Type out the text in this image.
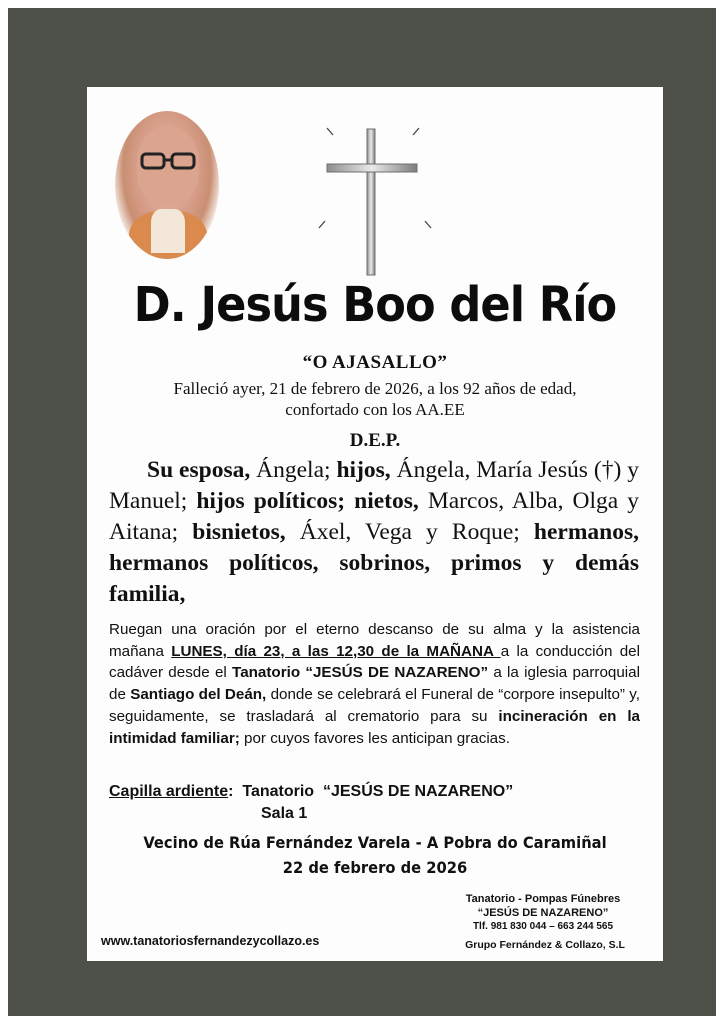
D. Jesús Boo del Río
“O AJASALLO”
Falleció ayer, 21 de febrero de 2026, a los 92 años de edad,
confortado con los AA.EE
D.E.P.
Su esposa, Ángela; hijos, Ángela, María Jesús (†) y Manuel; hijos políticos; nietos, Marcos, Alba, Olga y Aitana; bisnietos, Áxel, Vega y Roque; hermanos, hermanos políticos, sobrinos, primos y demás familia,
Ruegan una oración por el eterno descanso de su alma y la asistencia mañana LUNES, día 23, a las 12,30 de la MAÑANA a la conducción del cadáver desde el Tanatorio “JESÚS DE NAZARENO” a la iglesia parroquial de Santiago del Deán, donde se celebrará el Funeral de “corpore insepulto” y, seguidamente, se trasladará al crematorio para su incineración en la intimidad familiar; por cuyos favores les anticipan gracias.
Capilla ardiente:  Tanatorio  “JESÚS DE NAZARENO”
Sala 1
Vecino de Rúa Fernández Varela - A Pobra do Caramiñal
22 de febrero de 2026
www.tanatoriosfernandezycollazo.es
Tanatorio - Pompas Fúnebres
“JESÚS DE NAZARENO”
Tlf. 981 830 044 – 663 244 565
Grupo Fernández & Collazo, S.L
